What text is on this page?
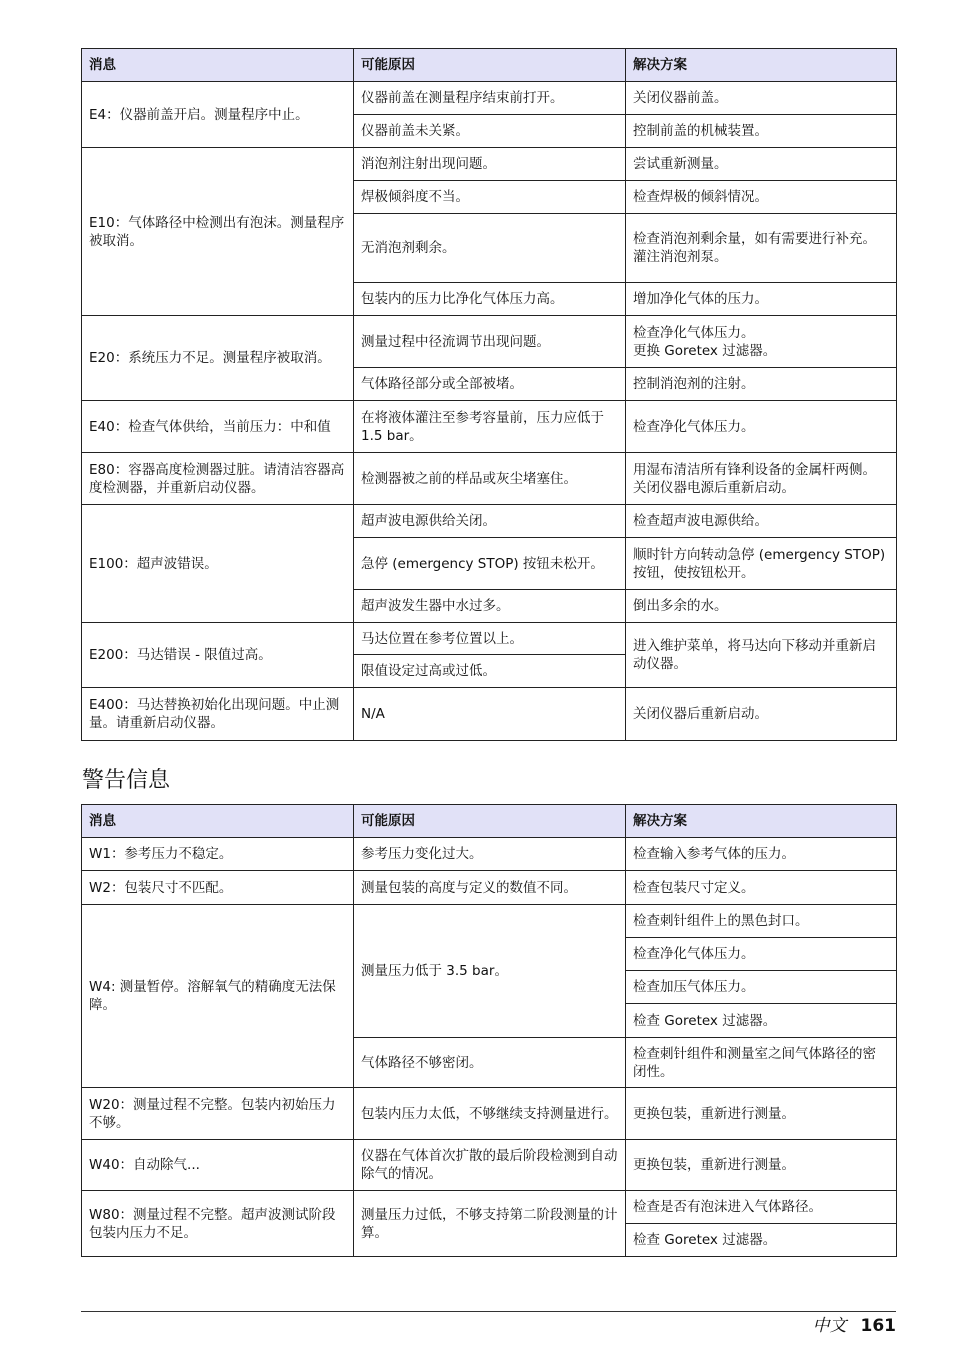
消息	可能原因	解决方案
E4：仪器前盖开启。测量程序中止。	仪器前盖在测量程序结束前打开。	关闭仪器前盖。
	仪器前盖未关紧。	控制前盖的机械装置。
E10：气体路径中检测出有泡沫。测量程序被取消。	消泡剂注射出现问题。	尝试重新测量。
	焊极倾斜度不当。	检查焊极的倾斜情况。
	无消泡剂剩余。	检查消泡剂剩余量，如有需要进行补充。
灌注消泡剂泵。
	包装内的压力比净化气体压力高。	增加净化气体的压力。
E20：系统压力不足。测量程序被取消。	测量过程中径流调节出现问题。	检查净化气体压力。
更换 Goretex 过滤器。
	气体路径部分或全部被堵。	控制消泡剂的注射。
E40：检查气体供给，当前压力：中和值	在将液体灌注至参考容量前，压力应低于 1.5 bar。	检查净化气体压力。
E80：容器高度检测器过脏。请清洁容器高度检测器，并重新启动仪器。	检测器被之前的样品或灰尘堵塞住。	用湿布清洁所有锋利设备的金属杆两侧。关闭仪器电源后重新启动。
E100：超声波错误。	超声波电源供给关闭。	检查超声波电源供给。
	急停 (emergency STOP) 按钮未松开。	顺时针方向转动急停 (emergency STOP) 按钮，使按钮松开。
	超声波发生器中水过多。	倒出多余的水。
E200：马达错误 - 限值过高。	马达位置在参考位置以上。	进入维护菜单，将马达向下移动并重新启动仪器。
	限值设定过高或过低。	
E400：马达替换初始化出现问题。中止测量。请重新启动仪器。	N/A	关闭仪器后重新启动。
警告信息
消息	可能原因	解决方案
W1：参考压力不稳定。	参考压力变化过大。	检查输入参考气体的压力。
W2：包装尺寸不匹配。	测量包装的高度与定义的数值不同。	检查包装尺寸定义。
W4: 测量暂停。溶解氧气的精确度无法保障。	测量压力低于 3.5 bar。	检查刺针组件上的黑色封口。
		检查净化气体压力。
		检查加压气体压力。
		检查 Goretex 过滤器。
	气体路径不够密闭。	检查刺针组件和测量室之间气体路径的密闭性。
W20：测量过程不完整。包装内初始压力不够。	包装内压力太低，不够继续支持测量进行。	更换包装，重新进行测量。
W40：自动除气...	仪器在气体首次扩散的最后阶段检测到自动除气的情况。	更换包装，重新进行测量。
W80：测量过程不完整。超声波测试阶段包装内压力不足。	测量压力过低，不够支持第二阶段测量的计算。	检查是否有泡沫进入气体路径。
		检查 Goretex 过滤器。
中文 161
